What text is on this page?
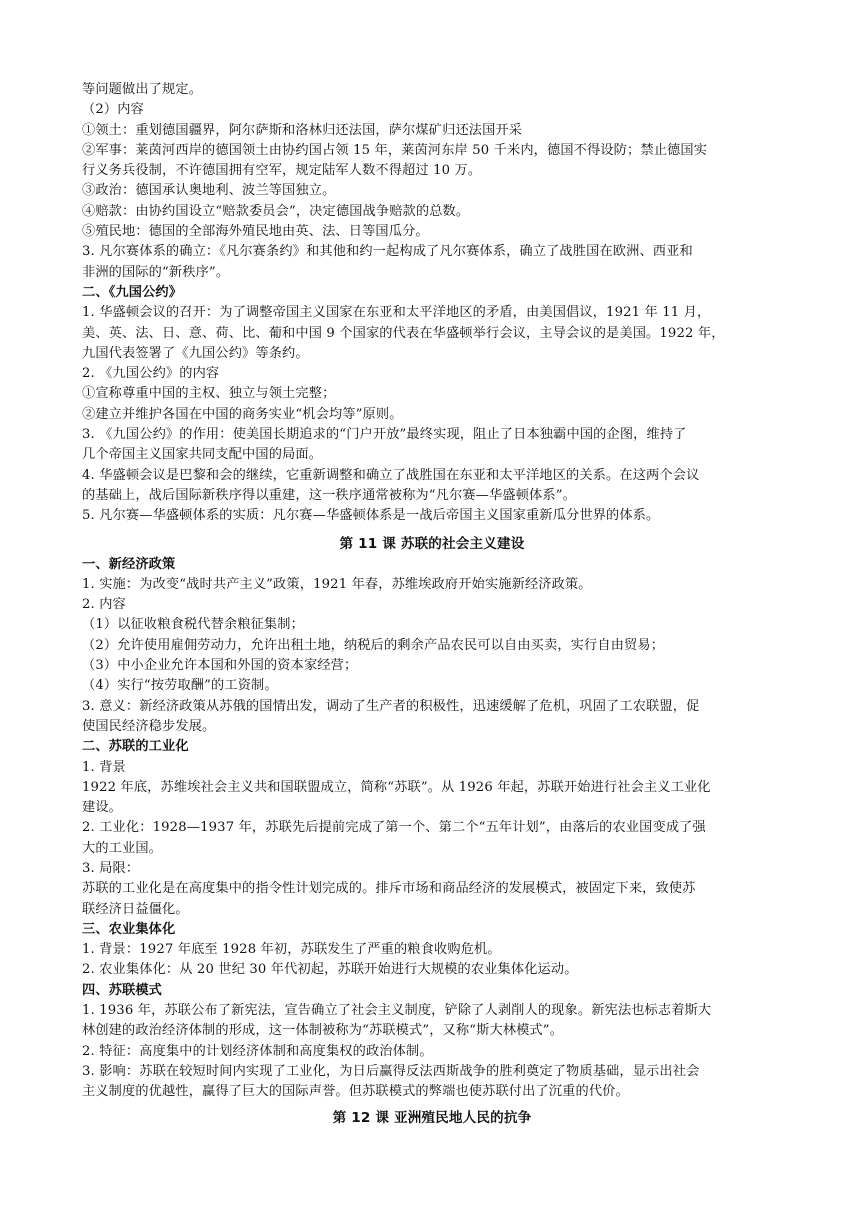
等问题做出了规定。
（2）内容
①领土：重划德国疆界，阿尔萨斯和洛林归还法国，萨尔煤矿归还法国开采
②军事：莱茵河西岸的德国领土由协约国占领 15 年，莱茵河东岸 50 千米内，德国不得设防；禁止德国实
行义务兵役制，不许德国拥有空军，规定陆军人数不得超过 10 万。
③政治：德国承认奥地利、波兰等国独立。
④赔款：由协约国设立“赔款委员会”，决定德国战争赔款的总数。
⑤殖民地：德国的全部海外殖民地由英、法、日等国瓜分。
3. 凡尔赛体系的确立：《凡尔赛条约》和其他和约一起构成了凡尔赛体系，确立了战胜国在欧洲、西亚和
非洲的国际的“新秩序”。
二、《九国公约》
1. 华盛顿会议的召开：为了调整帝国主义国家在东亚和太平洋地区的矛盾，由美国倡议，1921 年 11 月，
美、英、法、日、意、荷、比、葡和中国 9 个国家的代表在华盛顿举行会议，主导会议的是美国。1922 年，
九国代表签署了《九国公约》等条约。
2. 《九国公约》的内容
①宣称尊重中国的主权、独立与领土完整；
②建立并维护各国在中国的商务实业“机会均等”原则。
3. 《九国公约》的作用：使美国长期追求的“门户开放”最终实现，阻止了日本独霸中国的企图，维持了
几个帝国主义国家共同支配中国的局面。
4. 华盛顿会议是巴黎和会的继续，它重新调整和确立了战胜国在东亚和太平洋地区的关系。在这两个会议
的基础上，战后国际新秩序得以重建，这一秩序通常被称为“凡尔赛—华盛顿体系”。
5. 凡尔赛—华盛顿体系的实质：凡尔赛—华盛顿体系是一战后帝国主义国家重新瓜分世界的体系。
第 11 课 苏联的社会主义建设
一、新经济政策
1. 实施：为改变“战时共产主义”政策，1921 年春，苏维埃政府开始实施新经济政策。
2. 内容
（1）以征收粮食税代替余粮征集制；
（2）允许使用雇佣劳动力，允许出租土地，纳税后的剩余产品农民可以自由买卖，实行自由贸易；
（3）中小企业允许本国和外国的资本家经营；
（4）实行“按劳取酬”的工资制。
3. 意义：新经济政策从苏俄的国情出发，调动了生产者的积极性，迅速缓解了危机，巩固了工农联盟，促
使国民经济稳步发展。
二、苏联的工业化
1. 背景
1922 年底，苏维埃社会主义共和国联盟成立，简称“苏联”。从 1926 年起，苏联开始进行社会主义工业化
建设。
2. 工业化：1928—1937 年，苏联先后提前完成了第一个、第二个“五年计划”，由落后的农业国变成了强
大的工业国。
3. 局限：
苏联的工业化是在高度集中的指令性计划完成的。排斥市场和商品经济的发展模式，被固定下来，致使苏
联经济日益僵化。
三、农业集体化
1. 背景：1927 年底至 1928 年初，苏联发生了严重的粮食收购危机。
2. 农业集体化：从 20 世纪 30 年代初起，苏联开始进行大规模的农业集体化运动。
四、苏联模式
1. 1936 年，苏联公布了新宪法，宣告确立了社会主义制度，铲除了人剥削人的现象。新宪法也标志着斯大
林创建的政治经济体制的形成，这一体制被称为“苏联模式”，又称“斯大林模式”。
2. 特征：高度集中的计划经济体制和高度集权的政治体制。
3. 影响：苏联在较短时间内实现了工业化，为日后赢得反法西斯战争的胜利奠定了物质基础，显示出社会
主义制度的优越性，赢得了巨大的国际声誉。但苏联模式的弊端也使苏联付出了沉重的代价。
第 12 课 亚洲殖民地人民的抗争
